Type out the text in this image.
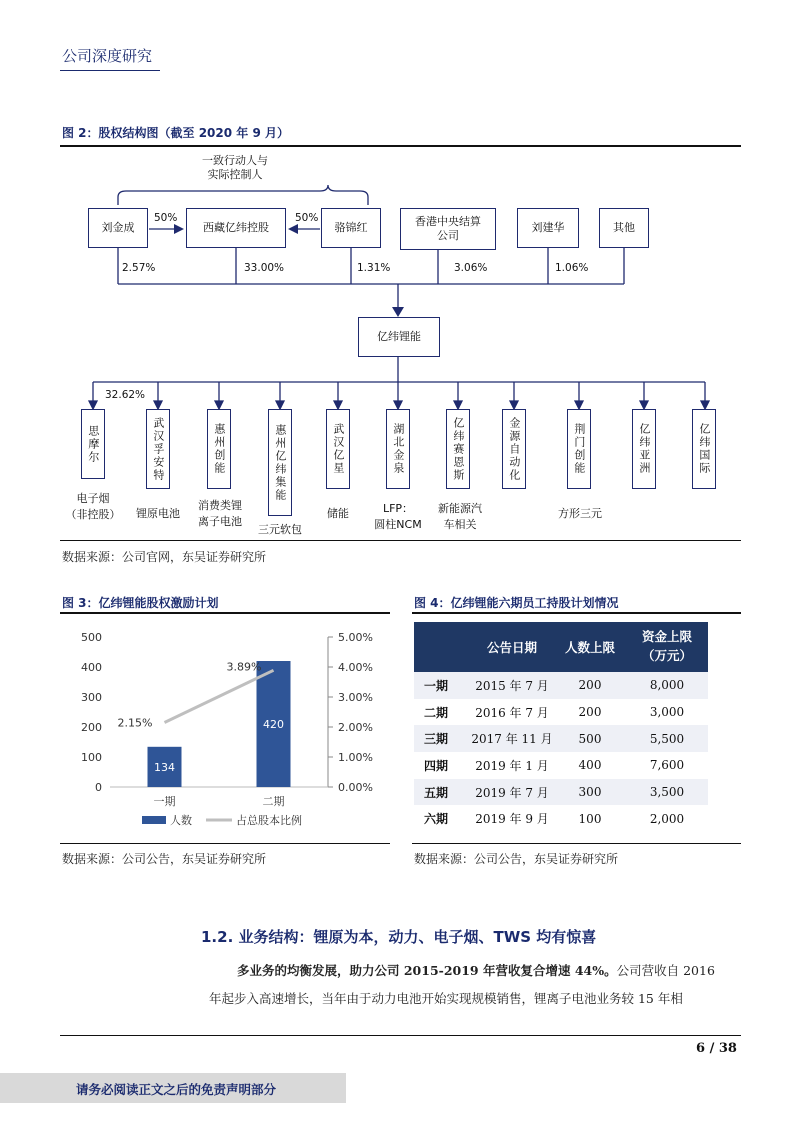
公司深度研究
图 2：股权结构图（截至 2020 年 9 月）
一致行动人与
实际控制人
刘金成	西藏亿纬控股	骆锦红	香港中央结算
公司
刘建华	其他
50%	50%
2.57%	33.00%	1.31%	3.06%	1.06%
亿纬锂能
32.62%
思摩尔	武汉孚安特	惠州创能	惠州亿纬集能	武汉亿星	湖北金泉	亿纬赛恩斯	金源自动化	荆门创能	亿纬亚洲	亿纬国际
电子烟
（非控股）	锂原电池
消费类锂
离子电池
三元软包
储能	LFP：
圆柱NCM
新能源汽
车相关
方形三元
数据来源：公司官网，东吴证券研究所
图 3：亿纬锂能股权激励计划
0
100
200
300
400
500
0.00%
1.00%
2.00%
3.00%
4.00%
5.00%
134
一期
420
二期
2.15%
3.89%
人数	占总股本比例
数据来源：公司公告，东吴证券研究所
图 4：亿纬锂能六期员工持股计划情况
	公告日期	人数上限	资金上限
（万元）

一期	2015 年 7 月	200	8,000
二期	2016 年 7 月	200	3,000
三期	2017 年 11 月	500	5,500
四期	2019 年 1 月	400	7,600
五期	2019 年 7 月	300	3,500
六期	2019 年 9 月	100	2,000
数据来源：公司公告，东吴证券研究所
1.2. 业务结构：锂原为本，动力、电子烟、TWS 均有惊喜
多业务的均衡发展，助力公司 2015-2019 年营收复合增速 44%。公司营收自 2016
年起步入高速增长，当年由于动力电池开始实现规模销售，锂离子电池业务较 15 年相
6 / 38
请务必阅读正文之后的免责声明部分
